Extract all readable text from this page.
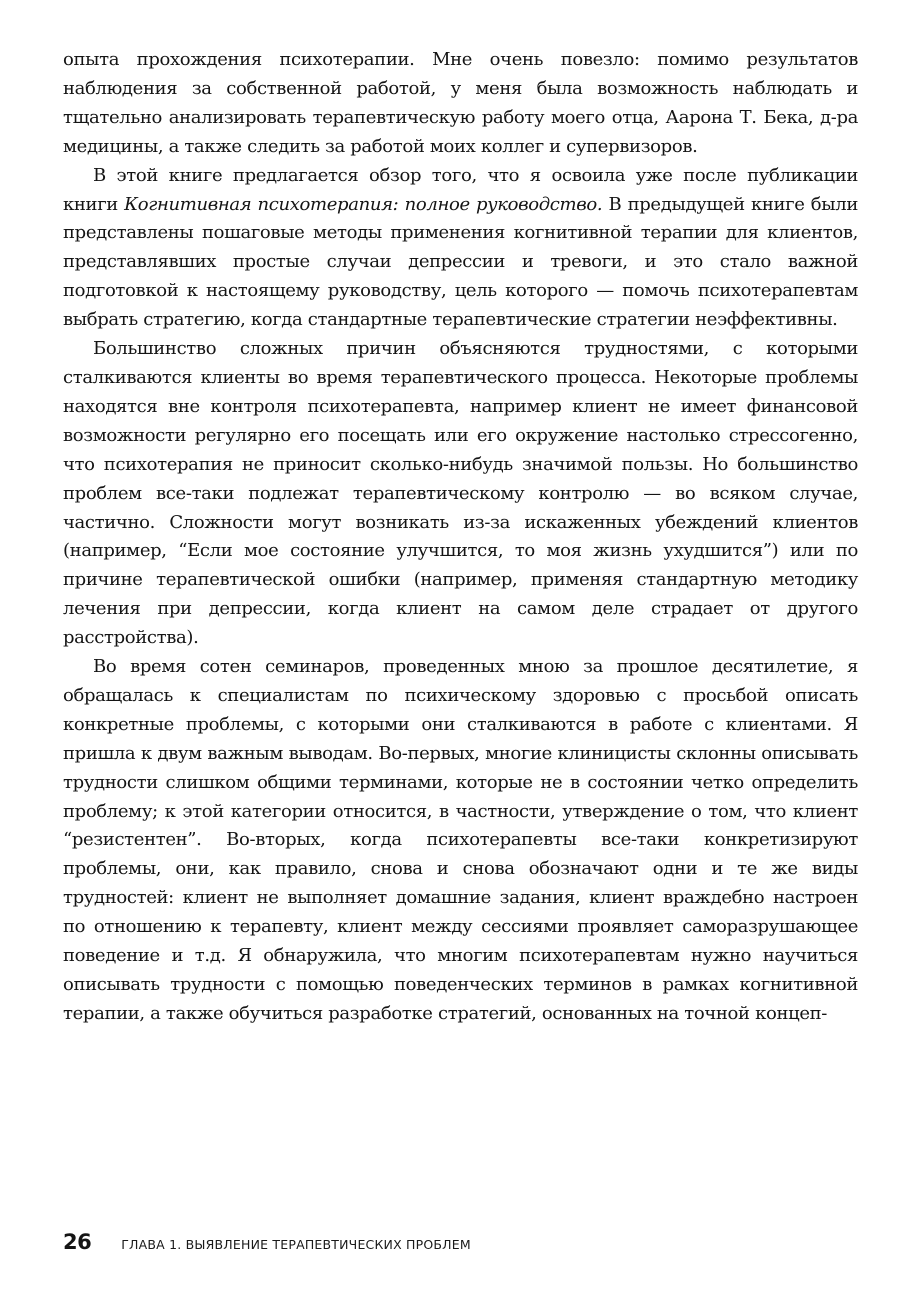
опыта прохождения психотерапии. Мне очень повезло: помимо результатов наблюдения за собственной работой, у меня была возможность наблюдать и тщательно анализировать терапевтическую работу моего отца, Аарона Т. Бека, д-ра медицины, а также следить за работой моих коллег и супервизоров.

В этой книге предлагается обзор того, что я освоила уже после публикации книги Когнитивная психотерапия: полное руководство. В предыдущей книге были представлены пошаговые методы применения когнитивной терапии для клиентов, представлявших простые случаи депрессии и тревоги, и это стало важной подготовкой к настоящему руководству, цель которого — помочь психотерапевтам выбрать стратегию, когда стандартные терапевтические стратегии неэффективны.

Большинство сложных причин объясняются трудностями, с которыми сталкиваются клиенты во время терапевтического процесса. Некоторые проблемы находятся вне контроля психотерапевта, например клиент не имеет финансовой возможности регулярно его посещать или его окружение настолько стрессогенно, что психотерапия не приносит сколько-нибудь значимой пользы. Но большинство проблем все-таки подлежат терапевтическому контролю — во всяком случае, частично. Сложности могут возникать из-за искаженных убеждений клиентов (например, “Если мое состояние улучшится, то моя жизнь ухудшится”) или по причине терапевтической ошибки (например, применяя стандартную методику лечения при депрессии, когда клиент на самом деле страдает от другого расстройства).

Во время сотен семинаров, проведенных мною за прошлое десятилетие, я обращалась к специалистам по психическому здоровью с просьбой описать конкретные проблемы, с которыми они сталкиваются в работе с клиентами. Я пришла к двум важным выводам. Во-первых, многие клиницисты склонны описывать трудности слишком общими терминами, которые не в состоянии четко определить проблему; к этой категории относится, в частности, утверждение о том, что клиент “резистентен”. Во-вторых, когда психотерапевты все-таки конкретизируют проблемы, они, как правило, снова и снова обозначают одни и те же виды трудностей: клиент не выполняет домашние задания, клиент враждебно настроен по отношению к терапевту, клиент между сессиями проявляет саморазрушающее поведение и т.д. Я обнаружила, что многим психотерапевтам нужно научиться описывать трудности с помощью поведенческих терминов в рамках когнитивной терапии, а также обучиться разработке стратегий, основанных на точной концеп-

26 ГЛАВА 1. ВЫЯВЛЕНИЕ ТЕРАПЕВТИЧЕСКИХ ПРОБЛЕМ
